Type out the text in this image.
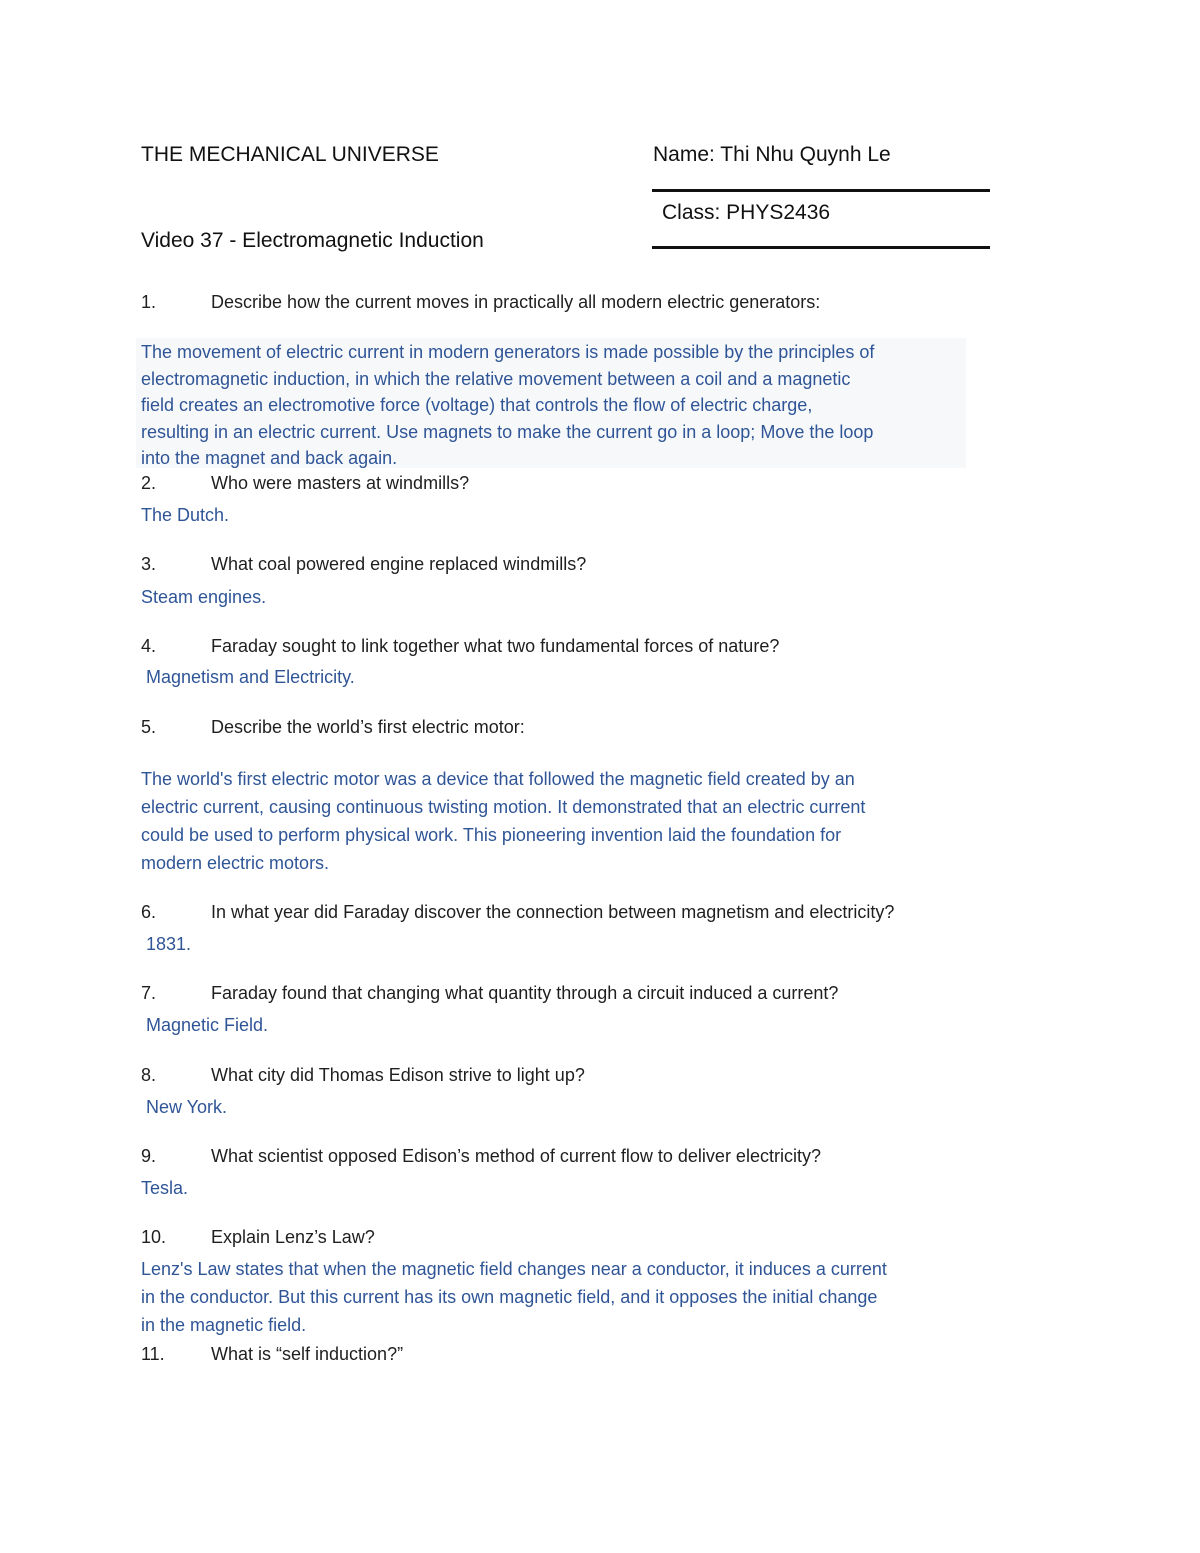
THE MECHANICAL UNIVERSE	Name: Thi Nhu Quynh Le
Class: PHYS2436
Video 37 - Electromagnetic Induction
1.	Describe how the current moves in practically all modern electric generators:
The movement of electric current in modern generators is made possible by the principles of
electromagnetic induction, in which the relative movement between a coil and a magnetic
field creates an electromotive force (voltage) that controls the flow of electric charge,
resulting in an electric current. Use magnets to make the current go in a loop; Move the loop
into the magnet and back again.
2.	Who were masters at windmills?
The Dutch.
3.	What coal powered engine replaced windmills?
Steam engines.
4.	Faraday sought to link together what two fundamental forces of nature?
Magnetism and Electricity.
5.	Describe the world’s first electric motor:
The world's first electric motor was a device that followed the magnetic field created by an
electric current, causing continuous twisting motion. It demonstrated that an electric current
could be used to perform physical work. This pioneering invention laid the foundation for
modern electric motors.
6.	In what year did Faraday discover the connection between magnetism and electricity?
1831.
7.	Faraday found that changing what quantity through a circuit induced a current?
Magnetic Field.
8.	What city did Thomas Edison strive to light up?
New York.
9.	What scientist opposed Edison’s method of current flow to deliver electricity?
Tesla.
10. Explain Lenz’s Law?
Lenz's Law states that when the magnetic field changes near a conductor, it induces a current
in the conductor. But this current has its own magnetic field, and it opposes the initial change
in the magnetic field.
11.	What is “self induction?”
